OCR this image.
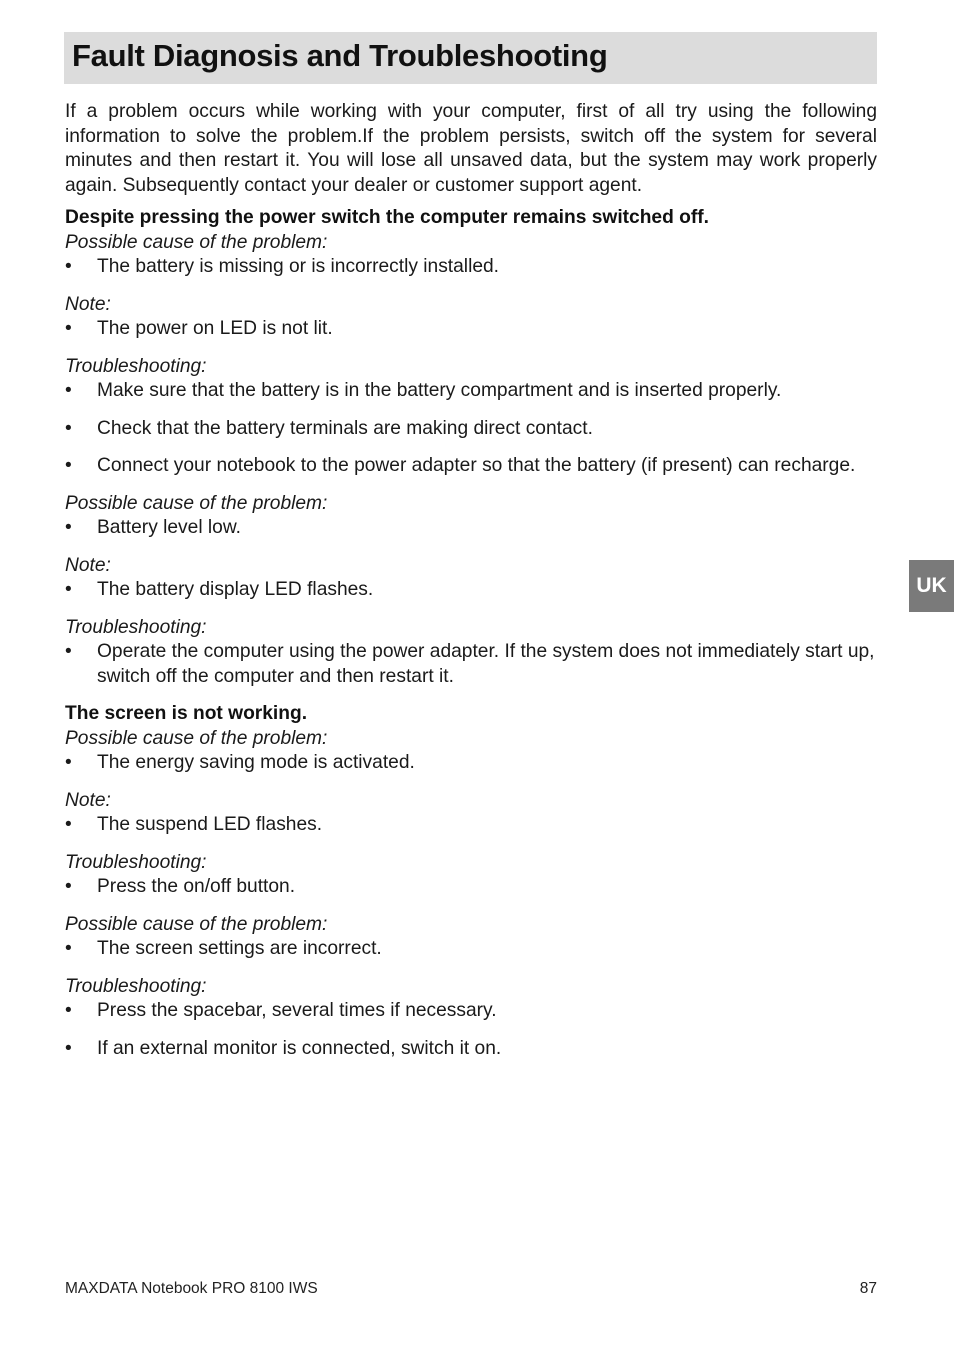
Fault Diagnosis and Troubleshooting

If a problem occurs while working with your computer, first of all try using the following information to solve the problem.If the problem persists, switch off the system for several minutes and then restart it. You will lose all unsaved data, but the system may work properly again. Subsequently contact your dealer or customer support agent.

Despite pressing the power switch the computer remains switched off.

Possible cause of the problem:

• The battery is missing or is incorrectly installed.

Note:

• The power on LED is not lit.

Troubleshooting:

• Make sure that the battery is in the battery compartment and is inserted properly.
• Check that the battery terminals are making direct contact.
• Connect your notebook to the power adapter so that the battery (if present) can recharge.

Possible cause of the problem:

• Battery level low.

Note:

• The battery display LED flashes.

Troubleshooting:

• Operate the computer using the power adapter. If the system does not immediately start up, switch off the computer and then restart it.

The screen is not working.

Possible cause of the problem:

• The energy saving mode is activated.

Note:

• The suspend LED flashes.

Troubleshooting:

• Press the on/off button.

Possible cause of the problem:

• The screen settings are incorrect.

Troubleshooting:

• Press the spacebar, several times if necessary.
• If an external monitor is connected, switch it on.
UK
MAXDATA Notebook PRO 8100 IWS	87
